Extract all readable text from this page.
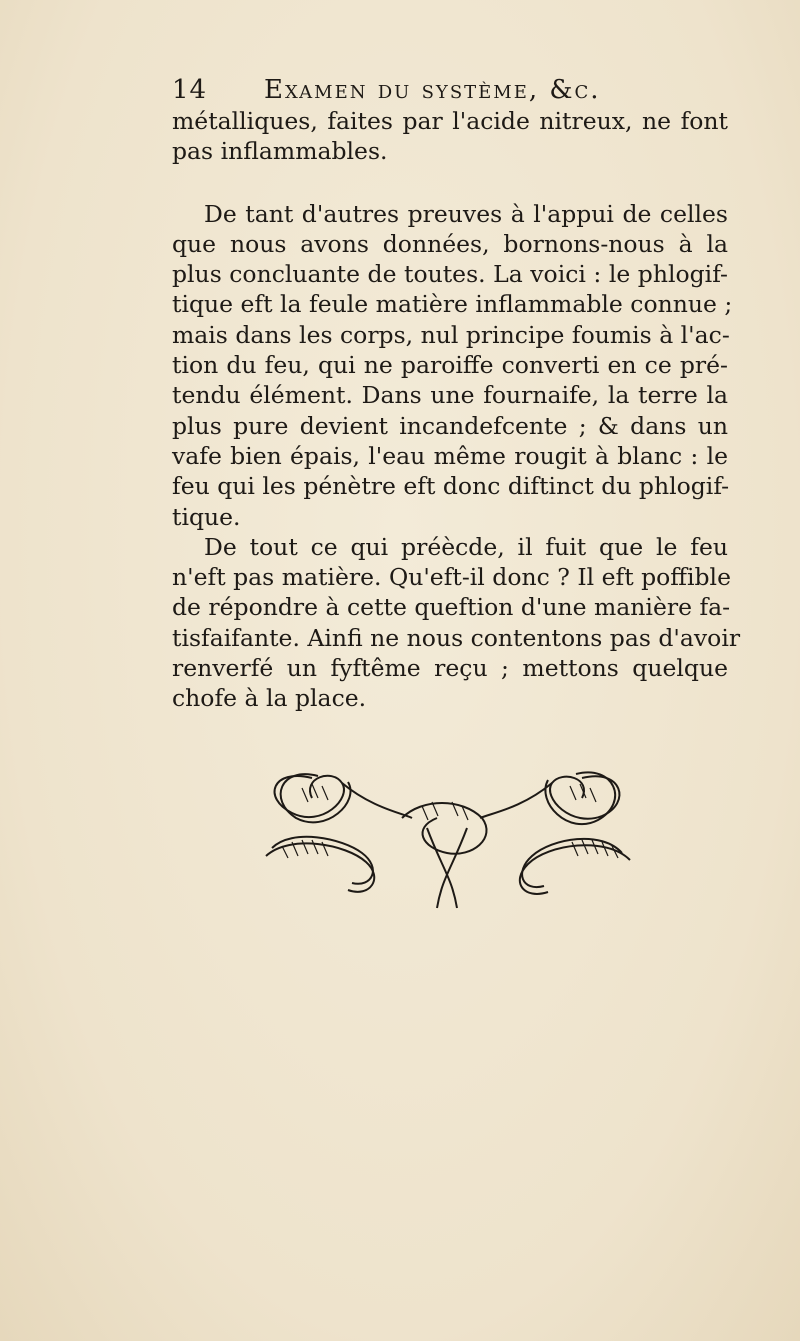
14 Examen du système, &c.
métalliques, faites par l'acide nitreux, ne font
pas inflammables.
De tant d'autres preuves à l'appui de celles
que nous avons données, bornons-nous à la
plus concluante de toutes. La voici : le phlogif-
tique eft la feule matière inflammable connue ;
mais dans les corps, nul principe foumis à l'ac-
tion du feu, qui ne paroiffe converti en ce pré-
tendu élément. Dans une fournaife, la terre la
plus pure devient incandefcente ; & dans un
vafe bien épais, l'eau même rougit à blanc : le
feu qui les pénètre eft donc diftinct du phlogif-
tique.
De tout ce qui préècde, il fuit que le feu
n'eft pas matière. Qu'eft-il donc ? Il eft poffible
de répondre à cette queftion d'une manière fa-
tisfaifante. Ainfi ne nous contentons pas d'avoir
renverfé un fyftême reçu ; mettons quelque
chofe à la place.
